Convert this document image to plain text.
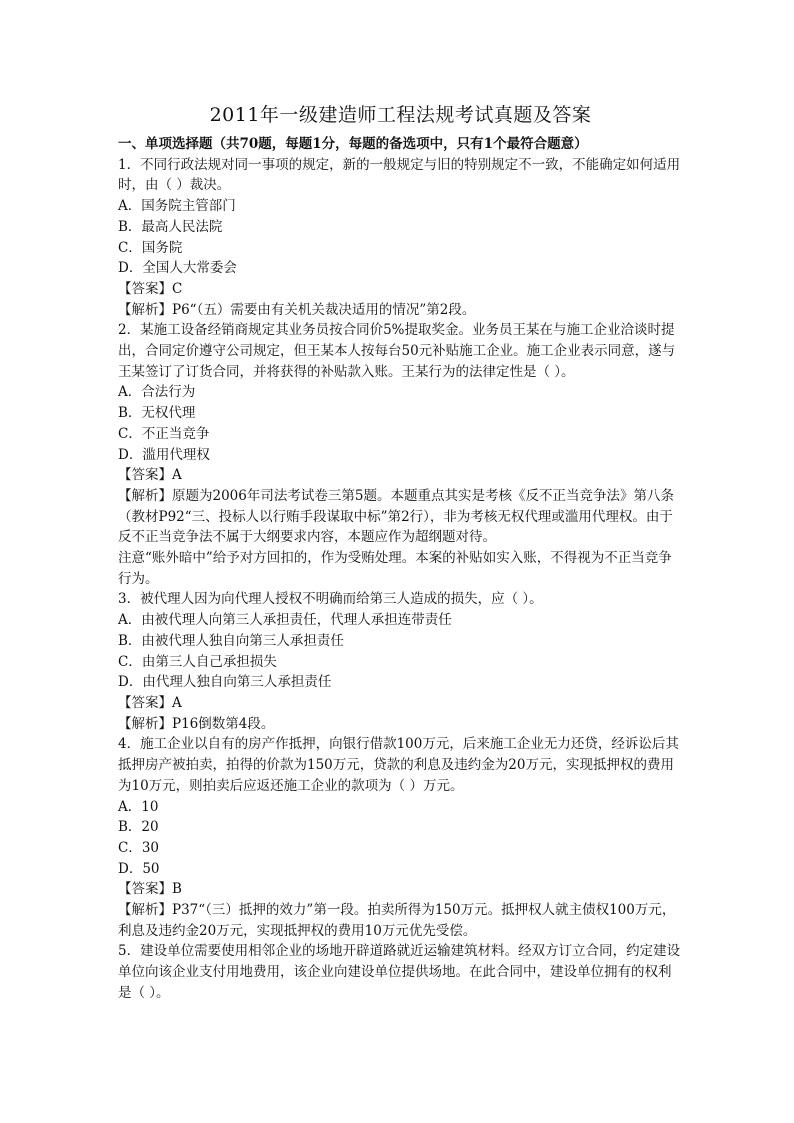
2011年一级建造师工程法规考试真题及答案

一、单项选择题（共70题，每题1分，每题的备选项中，只有1个最符合题意）

1．不同行政法规对同一事项的规定，新的一般规定与旧的特别规定不一致，不能确定如何适用时，由（ ）裁决。

A．国务院主管部门

B．最高人民法院

C．国务院

D．全国人大常委会

【答案】C

【解析】P6“（五）需要由有关机关裁决适用的情况”第2段。

2．某施工设备经销商规定其业务员按合同价5%提取奖金。业务员王某在与施工企业洽谈时提出，合同定价遵守公司规定，但王某本人按每台50元补贴施工企业。施工企业表示同意，遂与王某签订了订货合同，并将获得的补贴款入账。王某行为的法律定性是（ ）。

A．合法行为

B．无权代理

C．不正当竞争

D．滥用代理权

【答案】A

【解析】原题为2006年司法考试卷三第5题。本题重点其实是考核《反不正当竞争法》第八条（教材P92“三、投标人以行贿手段谋取中标”第2行），非为考核无权代理或滥用代理权。由于反不正当竞争法不属于大纲要求内容，本题应作为超纲题对待。

注意“账外暗中”给予对方回扣的，作为受贿处理。本案的补贴如实入账，不得视为不正当竞争行为。

3．被代理人因为向代理人授权不明确而给第三人造成的损失，应（ ）。

A．由被代理人向第三人承担责任，代理人承担连带责任

B．由被代理人独自向第三人承担责任

C．由第三人自己承担损失

D．由代理人独自向第三人承担责任

【答案】A

【解析】P16倒数第4段。

4．施工企业以自有的房产作抵押，向银行借款100万元，后来施工企业无力还贷，经诉讼后其抵押房产被拍卖，拍得的价款为150万元，贷款的利息及违约金为20万元，实现抵押权的费用为10万元，则拍卖后应返还施工企业的款项为（ ）万元。

A．10

B．20

C．30

D．50

【答案】B

【解析】P37“（三）抵押的效力”第一段。拍卖所得为150万元。抵押权人就主债权100万元，利息及违约金20万元，实现抵押权的费用10万元优先受偿。

5．建设单位需要使用相邻企业的场地开辟道路就近运输建筑材料。经双方订立合同，约定建设单位向该企业支付用地费用，该企业向建设单位提供场地。在此合同中，建设单位拥有的权利是（ ）。
